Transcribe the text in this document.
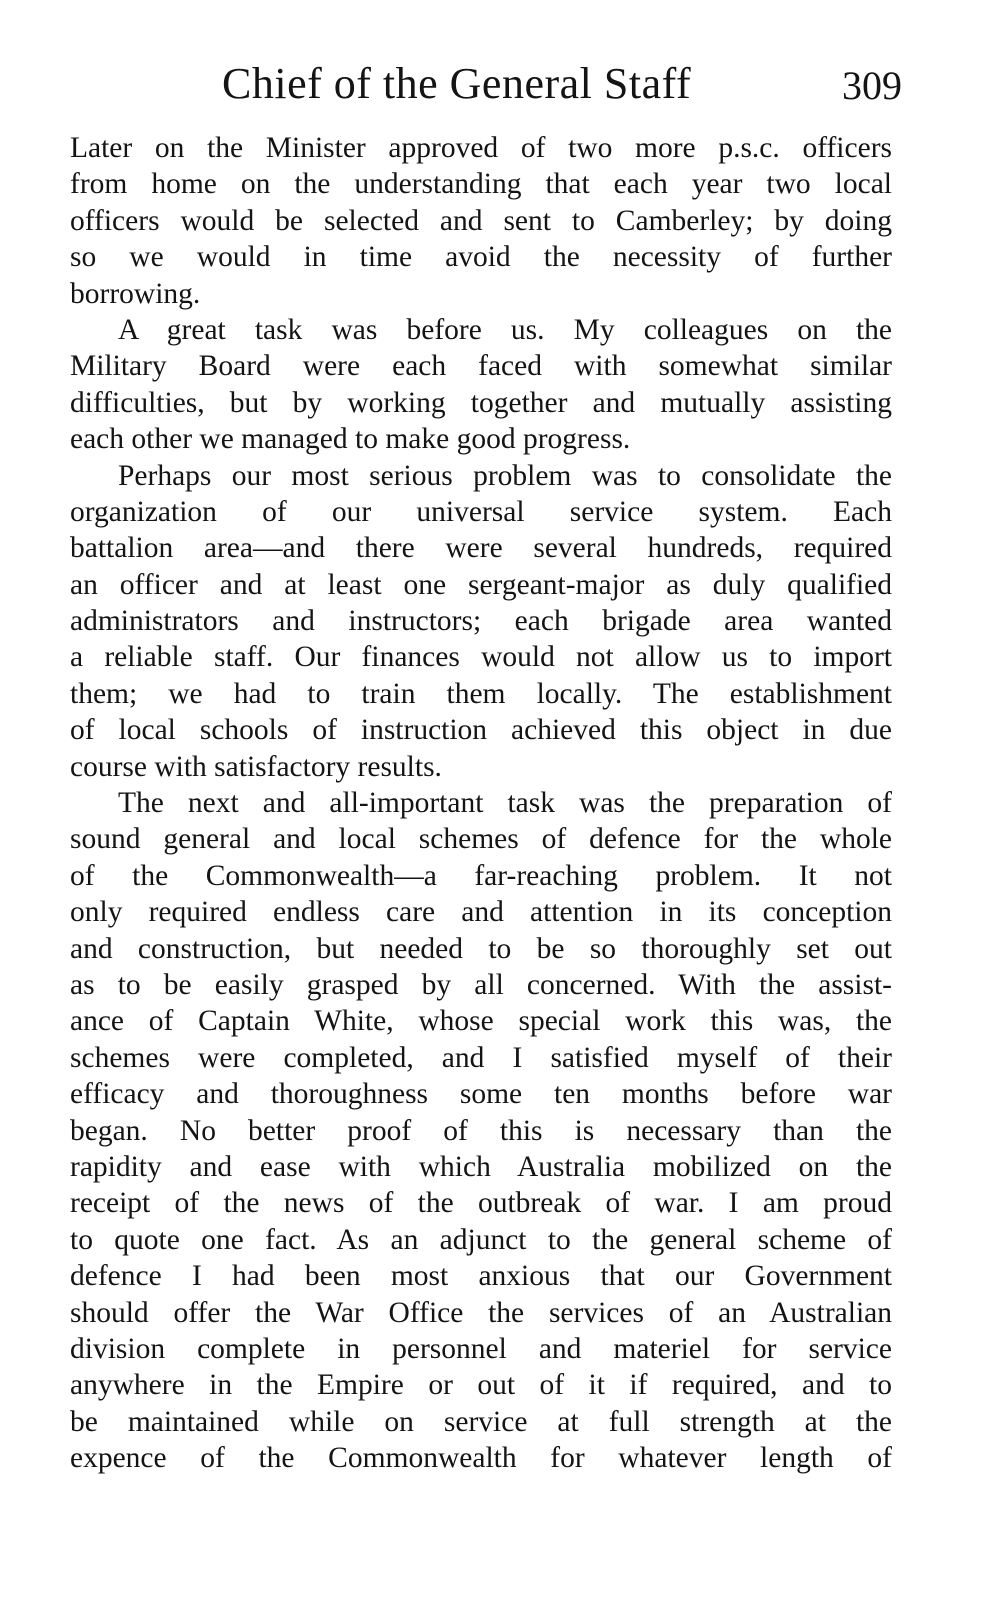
Chief of the General Staff	309

Later on the Minister approved of two more p.s.c. officers
from home on the understanding that each year two local
officers would be selected and sent to Camberley; by doing
so we would in time avoid the necessity of further
borrowing.

A great task was before us. My colleagues on the
Military Board were each faced with somewhat similar
difficulties, but by working together and mutually assisting
each other we managed to make good progress.

Perhaps our most serious problem was to consolidate the
organization of our universal service system. Each
battalion area—and there were several hundreds, required
an officer and at least one sergeant-major as duly qualified
administrators and instructors; each brigade area wanted
a reliable staff. Our finances would not allow us to import
them; we had to train them locally. The establishment
of local schools of instruction achieved this object in due
course with satisfactory results.

The next and all-important task was the preparation of
sound general and local schemes of defence for the whole
of the Commonwealth—a far-reaching problem. It not
only required endless care and attention in its conception
and construction, but needed to be so thoroughly set out
as to be easily grasped by all concerned. With the assist-
ance of Captain White, whose special work this was, the
schemes were completed, and I satisfied myself of their
efficacy and thoroughness some ten months before war
began. No better proof of this is necessary than the
rapidity and ease with which Australia mobilized on the
receipt of the news of the outbreak of war. I am proud
to quote one fact. As an adjunct to the general scheme of
defence I had been most anxious that our Government
should offer the War Office the services of an Australian
division complete in personnel and materiel for service
anywhere in the Empire or out of it if required, and to
be maintained while on service at full strength at the
expence of the Commonwealth for whatever length of
